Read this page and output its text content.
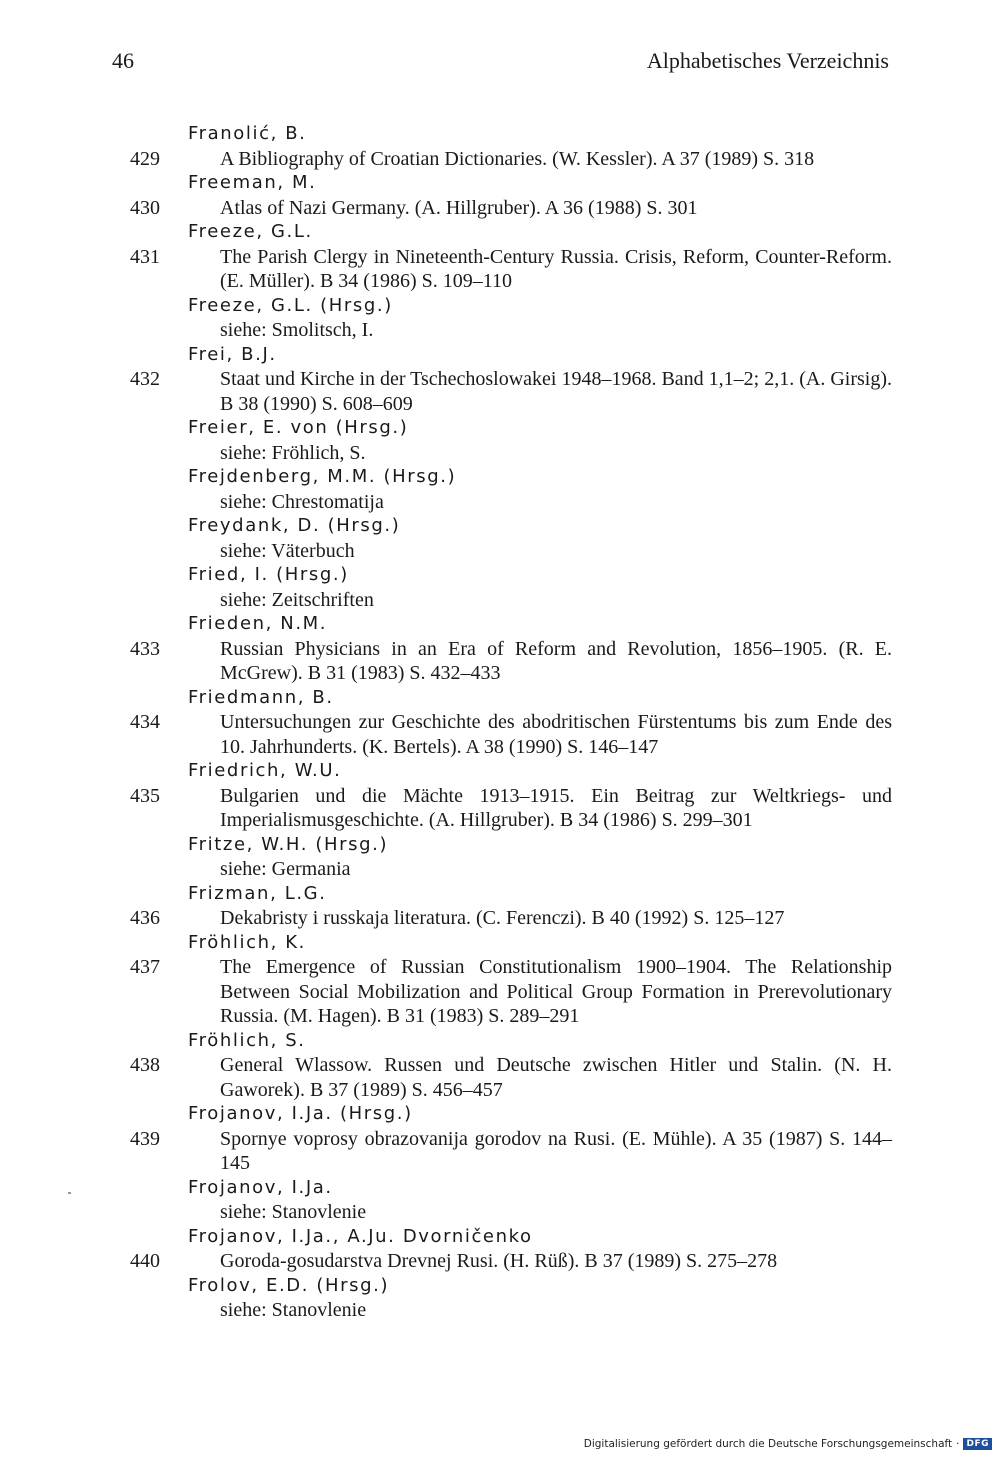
46	Alphabetisches Verzeichnis
Franolić, B.
429	A Bibliography of Croatian Dictionaries. (W. Kessler). A 37 (1989) S. 318
Freeman, M.
430	Atlas of Nazi Germany. (A. Hillgruber). A 36 (1988) S. 301
Freeze, G.L.
431	The Parish Clergy in Nineteenth-Century Russia. Crisis, Reform, Counter-Reform. (E. Müller). B 34 (1986) S. 109–110
Freeze, G.L. (Hrsg.)
siehe: Smolitsch, I.
Frei, B.J.
432	Staat und Kirche in der Tschechoslowakei 1948–1968. Band 1,1–2; 2,1. (A. Girsig). B 38 (1990) S. 608–609
Freier, E. von (Hrsg.)
siehe: Fröhlich, S.
Frejdenberg, M.M. (Hrsg.)
siehe: Chrestomatija
Freydank, D. (Hrsg.)
siehe: Väterbuch
Fried, I. (Hrsg.)
siehe: Zeitschriften
Frieden, N.M.
433	Russian Physicians in an Era of Reform and Revolution, 1856–1905. (R. E. McGrew). B 31 (1983) S. 432–433
Friedmann, B.
434	Untersuchungen zur Geschichte des abodritischen Fürstentums bis zum Ende des 10. Jahrhunderts. (K. Bertels). A 38 (1990) S. 146–147
Friedrich, W.U.
435	Bulgarien und die Mächte 1913–1915. Ein Beitrag zur Weltkriegs- und Imperialismusgeschichte. (A. Hillgruber). B 34 (1986) S. 299–301
Fritze, W.H. (Hrsg.)
siehe: Germania
Frizman, L.G.
436	Dekabristy i russkaja literatura. (C. Ferenczi). B 40 (1992) S. 125–127
Fröhlich, K.
437	The Emergence of Russian Constitutionalism 1900–1904. The Relationship Between Social Mobilization and Political Group Formation in Prerevolutionary Russia. (M. Hagen). B 31 (1983) S. 289–291
Fröhlich, S.
438	General Wlassow. Russen und Deutsche zwischen Hitler und Stalin. (N. H. Gaworek). B 37 (1989) S. 456–457
Frojanov, I.Ja. (Hrsg.)
439	Spornye voprosy obrazovanija gorodov na Rusi. (E. Mühle). A 35 (1987) S. 144–145
Frojanov, I.Ja.
siehe: Stanovlenie
Frojanov, I.Ja., A.Ju. Dvorničenko
440	Goroda-gosudarstva Drevnej Rusi. (H. Rüß). B 37 (1989) S. 275–278
Frolov, E.D. (Hrsg.)
siehe: Stanovlenie
Digitalisierung gefördert durch die Deutsche Forschungsgemeinschaft · DFG
